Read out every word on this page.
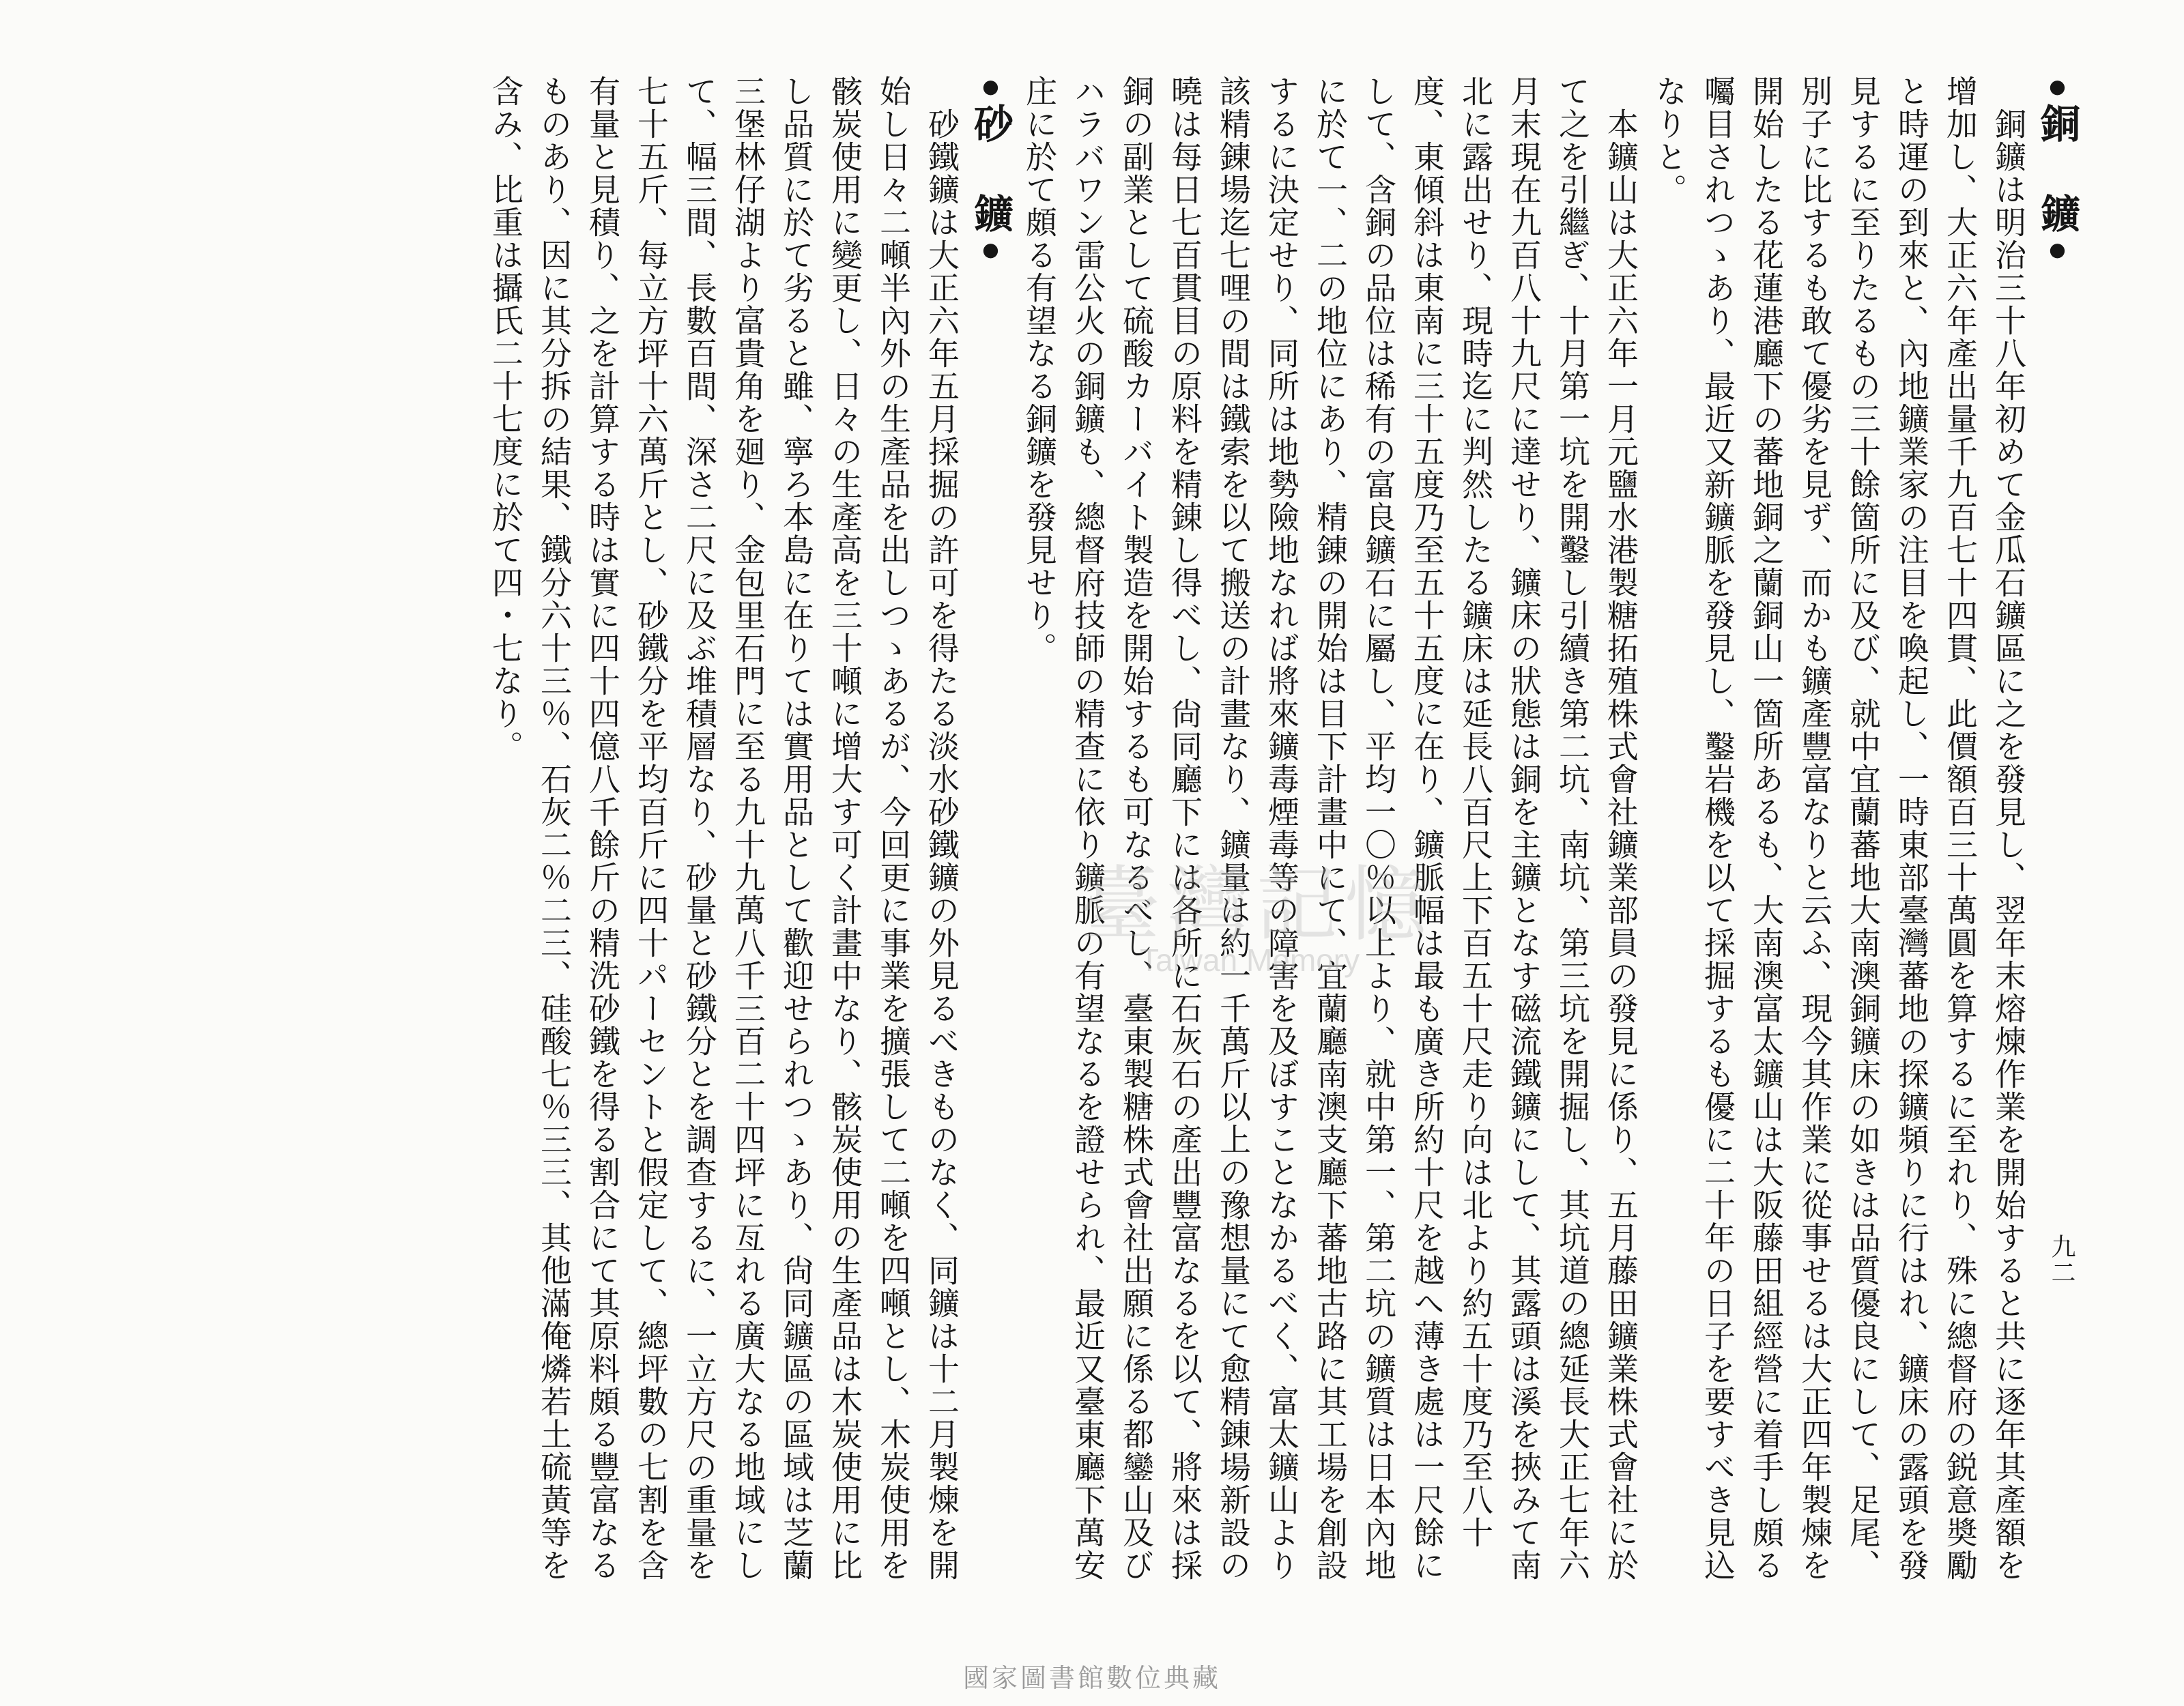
九二

●銅　鑛●

銅鑛は明治三十八年初めて金瓜石鑛區に之を發見し、翌年末熔煉作業を開始すると共に逐年其產額を增加し、大正六年產出量千九百七十四貫、此價額百三十萬圓を算するに至れり、殊に總督府の鋭意奬勵と時運の到來と、內地鑛業家の注目を喚起し、一時東部臺灣蕃地の探鑛頻りに行はれ、鑛床の露頭を發見するに至りたるもの三十餘箇所に及び、就中宜蘭蕃地大南澳銅鑛床の如きは品質優良にして、足尾、別子に比するも敢て優劣を見ず、而かも鑛產豐富なりと云ふ、現今其作業に從事せるは大正四年製煉を開始したる花蓮港廳下の蕃地銅之蘭銅山一箇所あるも、大南澳富太鑛山は大阪藤田組經營に着手し頗る囑目されつゝあり、最近又新鑛脈を發見し、鑿岩機を以て採掘するも優に二十年の日子を要すべき見込なりと。

本鑛山は大正六年一月元鹽水港製糖拓殖株式會社鑛業部員の發見に係り、五月藤田鑛業株式會社に於て之を引繼ぎ、十月第一坑を開鑿し引續き第二坑、南坑、第三坑を開掘し、其坑道の總延長大正七年六月末現在九百八十九尺に達せり、鑛床の狀態は銅を主鑛となす磁流鐵鑛にして、其露頭は溪を挾みて南北に露出せり、現時迄に判然したる鑛床は延長八百尺上下百五十尺走り向は北より約五十度乃至八十度、東傾斜は東南に三十五度乃至五十五度に在り、鑛脈幅は最も廣き所約十尺を越へ薄き處は一尺餘にして、含銅の品位は稀有の富良鑛石に屬し、平均一〇％以上より、就中第一、第二坑の鑛質は日本內地に於て一、二の地位にあり、精錬の開始は目下計畫中にて、宜蘭廳南澳支廳下蕃地古路に其工場を創設するに決定せり、同所は地勢險地なれば將來鑛毒煙毒等の障害を及ぼすことなかるべく、富太鑛山より該精錬場迄七哩の間は鐵索を以て搬送の計畫なり、鑛量は約一千萬斤以上の豫想量にて愈精錬場新設の曉は每日七百貫目の原料を精錬し得べし、尙同廳下には各所に石灰石の產出豐富なるを以て、將來は採銅の副業として硫酸カーバイト製造を開始するも可なるべし、臺東製糖株式會社出願に係る都鑾山及びハラバワン雷公火の銅鑛も、總督府技師の精查に依り鑛脈の有望なるを證せられ、最近又臺東廳下萬安庄に於て頗る有望なる銅鑛を發見せり。

●砂　鑛●

砂鐵鑛は大正六年五月採掘の許可を得たる淡水砂鐵鑛の外見るべきものなく、同鑛は十二月製煉を開始し日々二噸半內外の生產品を出しつゝあるが、今回更に事業を擴張して二噸を四噸とし、木炭使用を骸炭使用に變更し、日々の生產高を三十噸に增大す可く計畫中なり、骸炭使用の生產品は木炭使用に比し品質に於て劣ると雖、寧ろ本島に在りては實用品として歡迎せられつゝあり、尙同鑛區の區域は芝蘭三堡林仔湖より富貴角を廻り、金包里石門に至る九十九萬八千三百二十四坪に亙れる廣大なる地域にして、幅三間、長數百間、深さ二尺に及ぶ堆積層なり、砂量と砂鐵分とを調查するに、一立方尺の重量を七十五斤、每立方坪十六萬斤とし、砂鐵分を平均百斤に四十パーセントと假定して、總坪數の七割を含有量と見積り、之を計算する時は實に四十四億八千餘斤の精洗砂鐵を得る割合にて其原料頗る豐富なるものあり、因に其分拆の結果、鐵分六十三％、石灰二％二三、硅酸七％三三、其他滿俺燐若土硫黃等を含み、比重は攝氏二十七度に於て四・七なり。

臺灣記憶
Taiwan Memory
國家圖書館數位典藏
